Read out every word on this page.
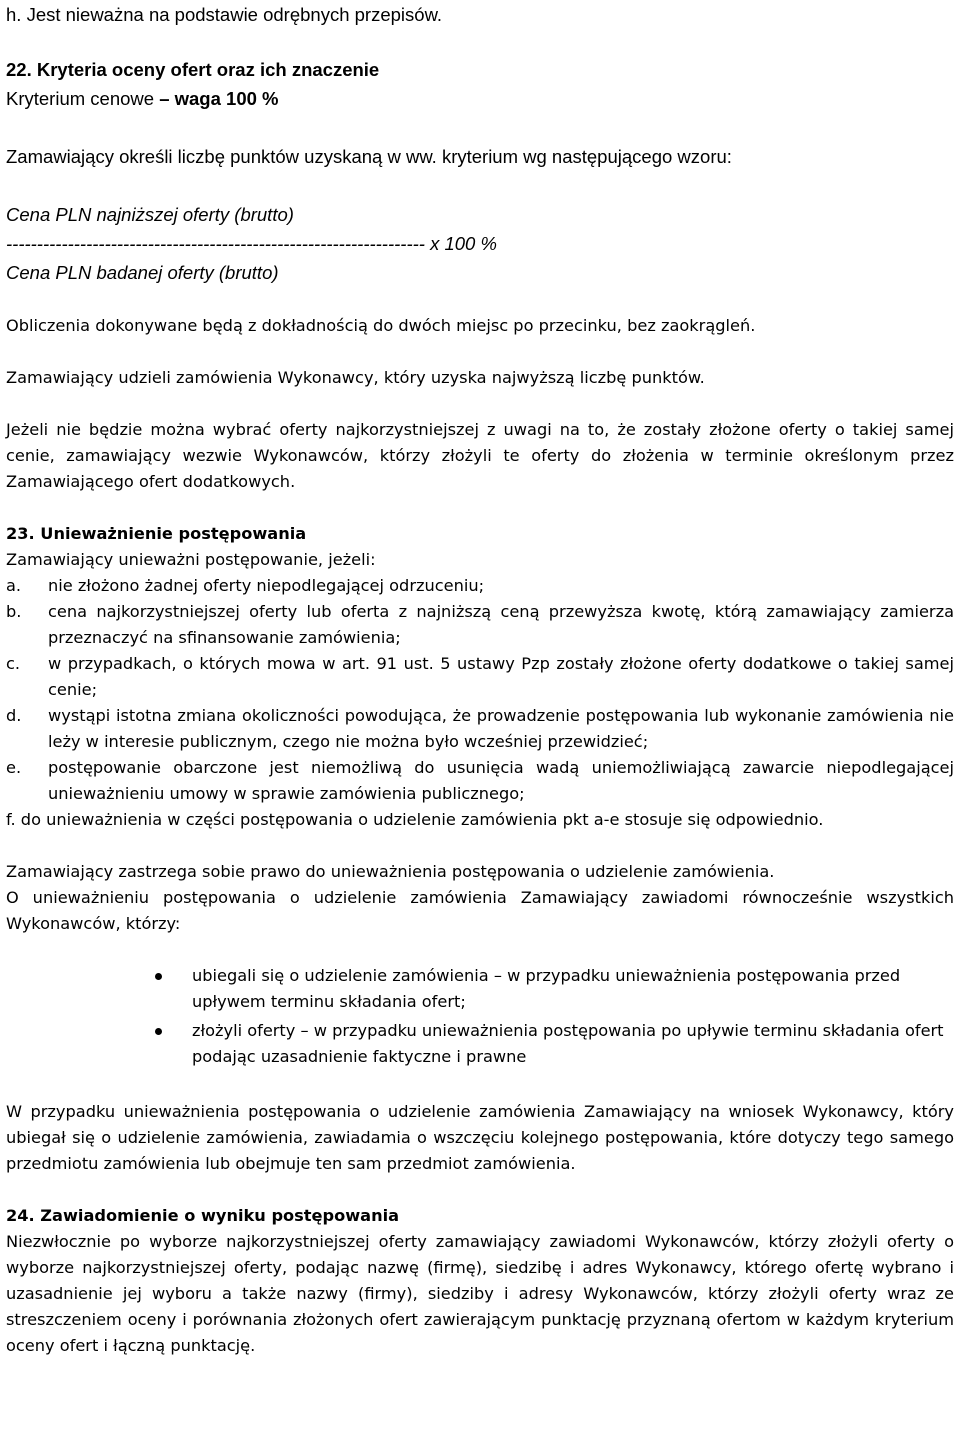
h. Jest nieważna na podstawie odrębnych przepisów.

22. Kryteria oceny ofert oraz ich znaczenie

Kryterium cenowe – waga 100 %

Zamawiający określi liczbę punktów uzyskaną w ww. kryterium wg następującego wzoru:

Cena PLN najniższej oferty (brutto)

-------------------------------------------------------------------- x 100 %

Cena PLN badanej oferty (brutto)

Obliczenia dokonywane będą z dokładnością do dwóch miejsc po przecinku, bez zaokrągleń.

Zamawiający udzieli zamówienia Wykonawcy, który uzyska najwyższą liczbę punktów.

Jeżeli nie będzie można wybrać oferty najkorzystniejszej z uwagi na to, że zostały złożone oferty o takiej samej cenie, zamawiający wezwie Wykonawców, którzy złożyli te oferty do złożenia w terminie określonym przez Zamawiającego ofert dodatkowych.

23. Unieważnienie postępowania

Zamawiający unieważni postępowanie, jeżeli:

a. nie złożono żadnej oferty niepodlegającej odrzuceniu;
b. cena najkorzystniejszej oferty lub oferta z najniższą ceną przewyższa kwotę, którą zamawiający zamierza przeznaczyć na sfinansowanie zamówienia;
c. w przypadkach, o których mowa w art. 91 ust. 5 ustawy Pzp zostały złożone oferty dodatkowe o takiej samej cenie;
d. wystąpi istotna zmiana okoliczności powodująca, że prowadzenie postępowania lub wykonanie zamówienia nie leży w interesie publicznym, czego nie można było wcześniej przewidzieć;
e. postępowanie obarczone jest niemożliwą do usunięcia wadą uniemożliwiającą zawarcie niepodlegającej unieważnieniu umowy w sprawie zamówienia publicznego;

f. do unieważnienia w części postępowania o udzielenie zamówienia pkt a-e stosuje się odpowiednio.

Zamawiający zastrzega sobie prawo do unieważnienia postępowania o udzielenie zamówienia.

O unieważnieniu postępowania o udzielenie zamówienia Zamawiający zawiadomi równocześnie wszystkich Wykonawców, którzy:

ubiegali się o udzielenie zamówienia – w przypadku unieważnienia postępowania przed upływem terminu składania ofert;
złożyli oferty – w przypadku unieważnienia postępowania po upływie terminu składania ofert podając uzasadnienie faktyczne i prawne

W przypadku unieważnienia postępowania o udzielenie zamówienia Zamawiający na wniosek Wykonawcy, który ubiegał się o udzielenie zamówienia, zawiadamia o wszczęciu kolejnego postępowania, które dotyczy tego samego przedmiotu zamówienia lub obejmuje ten sam przedmiot zamówienia.

24. Zawiadomienie o wyniku postępowania

Niezwłocznie po wyborze najkorzystniejszej oferty zamawiający zawiadomi Wykonawców, którzy złożyli oferty o wyborze najkorzystniejszej oferty, podając nazwę (firmę), siedzibę i adres Wykonawcy, którego ofertę wybrano i uzasadnienie jej wyboru a także nazwy (firmy), siedziby i adresy Wykonawców, którzy złożyli oferty wraz ze streszczeniem oceny i porównania złożonych ofert zawierającym punktację przyznaną ofertom w każdym kryterium oceny ofert i łączną punktację.
